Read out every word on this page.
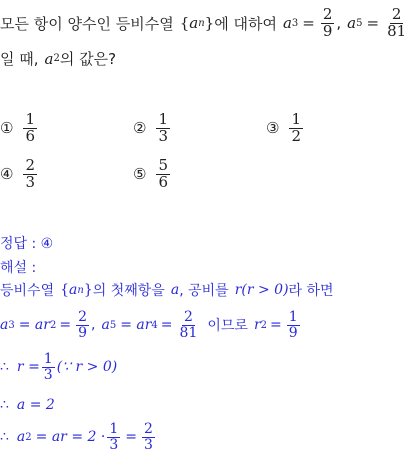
모든 항이 양수인 등비수열 { a n } 에 대하여 a $3 = \frac{2}{9}$ , a $5 = \frac{2}{81}$
일 때, a 2 의 값은?
① $\frac{1}{6}$	② $\frac{1}{3}$	③ $\frac{1}{2}$
④ $\frac{2}{3}$	⑤ $\frac{5}{6}$
정답 : ④
해설 :
등비수열 { a n } 의 첫째항을 a , 공비를 r(r > 0) 라 하면
a 3 = ar $2 = \frac{2}{9}$ , a 5 = ar $4 = \frac{2}{81}$ 이므로 r $2 = \frac{1}{9}$
∴ $r = \frac{1}{3}$ (∵ r > 0)
∴ a = 2
∴ a 2 = ar = $2 \cdot \frac{1}{3} = \frac{2}{3}$
